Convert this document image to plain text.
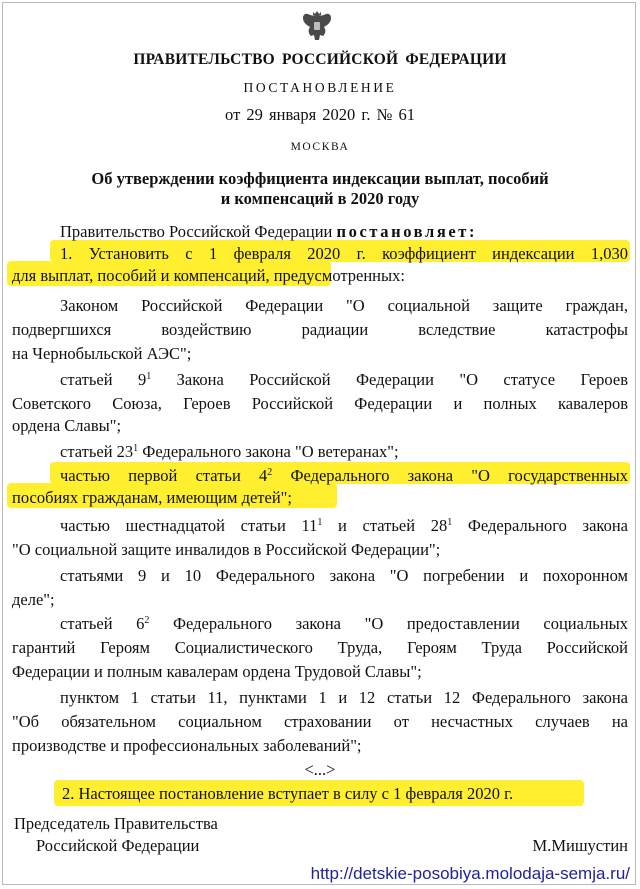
ПРАВИТЕЛЬСТВО РОССИЙСКОЙ ФЕДЕРАЦИИ
ПОСТАНОВЛЕНИЕ
от 29 января 2020 г. № 61
МОСКВА
Об утверждении коэффициента индексации выплат, пособий
и компенсаций в 2020 году
Правительство Российской Федерации постановляет:
1. Установить с 1 февраля 2020 г. коэффициент индексации 1,030
для выплат, пособий и компенсаций, предусмотренных:
Законом Российской Федерации "О социальной защите граждан,
подвергшихся воздействию радиации вследствие катастрофы
на Чернобыльской АЭС";
статьей $9^1$ Закона Российской Федерации "О статусе Героев
Советского Союза, Героев Российской Федерации и полных кавалеров
ордена Славы";
статьей $23^1$ Федерального закона "О ветеранах";
частью первой статьи $4^2$ Федерального закона "О государственных
пособиях гражданам, имеющим детей";
частью шестнадцатой статьи $11^1$ и статьей $28^1$ Федерального закона
"О социальной защите инвалидов в Российской Федерации";
статьями 9 и 10 Федерального закона "О погребении и похоронном
деле";
статьей $6^2$ Федерального закона "О предоставлении социальных
гарантий Героям Социалистического Труда, Героям Труда Российской
Федерации и полным кавалерам ордена Трудовой Славы";
пунктом 1 статьи 11, пунктами 1 и 12 статьи 12 Федерального закона
"Об обязательном социальном страховании от несчастных случаев на
производстве и профессиональных заболеваний";
<...>
2. Настоящее постановление вступает в силу с 1 февраля 2020 г.
Председатель Правительства
Российской Федерации	М.Мишустин
http://detskie-posobiya.molodaja-semja.ru/
